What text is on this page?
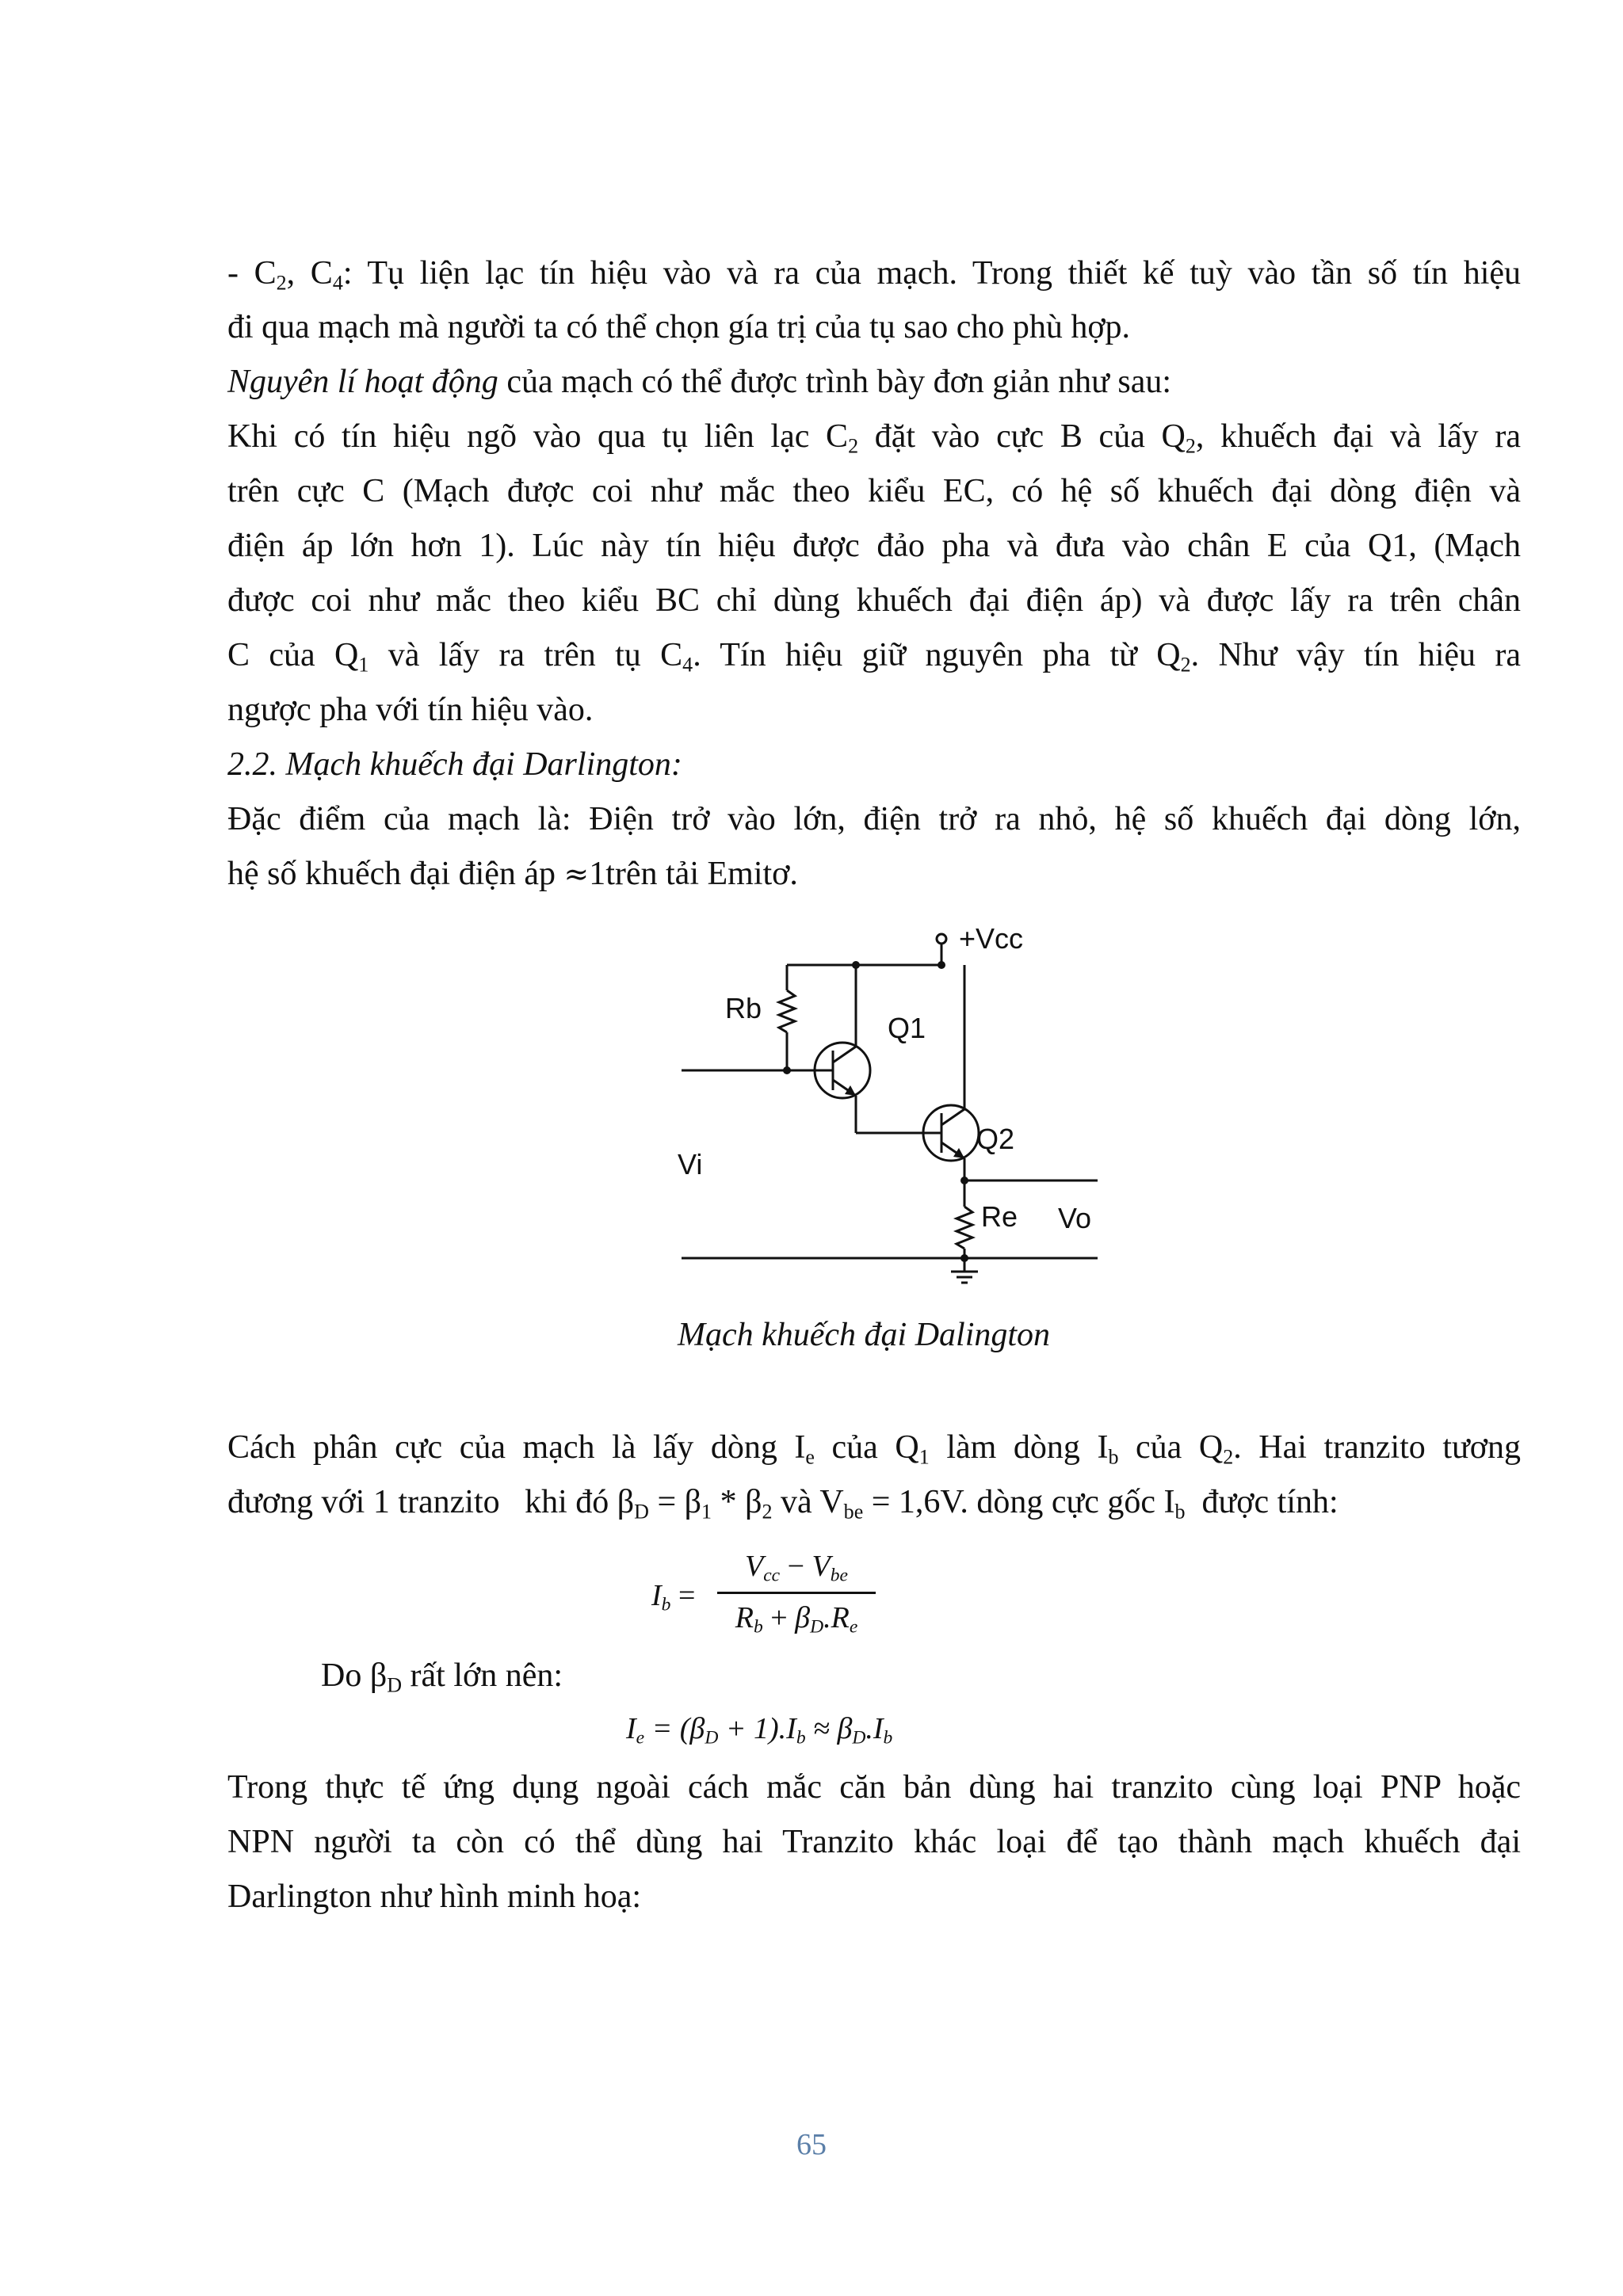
- $C_2$, $C_4$: Tụ liện lạc tín hiệu vào và ra của mạch. Trong thiết kế tuỳ vào tần số tín hiệu
đi qua mạch mà người ta có thể chọn gía trị của tụ sao cho phù hợp.
Nguyên lí hoạt động của mạch có thể được trình bày đơn giản như sau:
Khi có tín hiệu ngõ vào qua tụ liên lạc $C_2$ đặt vào cực B của $Q_2$, khuếch đại và lấy ra
trên cực C (Mạch được coi như mắc theo kiểu EC, có hệ số khuếch đại dòng điện và
điện áp lớn hơn 1). Lúc này tín hiệu được đảo pha và đưa vào chân E của Q1, (Mạch
được coi như mắc theo kiểu BC chỉ dùng khuếch đại điện áp) và được lấy ra trên chân
C của $Q_1$ và lấy ra trên tụ $C_4$. Tín hiệu giữ nguyên pha từ $Q_2$. Như vậy tín hiệu ra
ngược pha với tín hiệu vào.
2.2. Mạch khuếch đại Darlington:
Đặc điểm của mạch là: Điện trở vào lớn, điện trở ra nhỏ, hệ số khuếch đại dòng lớn,
hệ số khuếch đại điện áp ≈1trên tải Emitơ.
+Vcc
Rb
Q1
Q2
Vi
Re Vo
Mạch khuếch đại Dalington
Cách phân cực của mạch là lấy dòng $I_e$ của $Q_1$ làm dòng $I_b$ của $Q_2$. Hai tranzito tương
đương với 1 tranzito   khi đó $\beta_D = \beta_1 * \beta_2$ và $V_{be} = 1,6V$. dòng cực gốc $I_b$  được tính:
$I_b$ =
$V_{cc} - V_{be}$
$R_b + \beta_D.R_e$
Do $\beta_D$ rất lớn nên:
$I_e = (\beta_D + 1).I_b \approx \beta_D.I_b$
Trong thực tế ứng dụng ngoài cách mắc căn bản dùng hai tranzito cùng loại PNP hoặc
NPN người ta còn có thể dùng hai Tranzito khác loại để tạo thành mạch khuếch đại
Darlington như hình minh hoạ:
65
